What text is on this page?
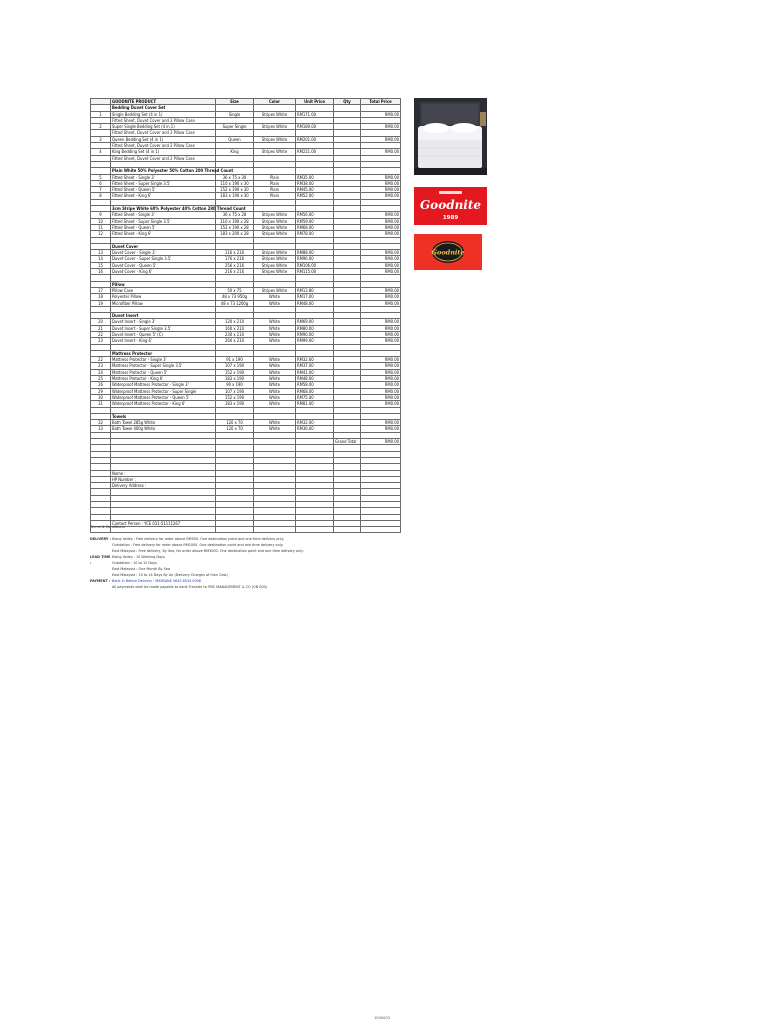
	GOODNITE PRODUCT	Size	Color	Unit Price	Qty	Total Price
	Bedding Duvet Cover Set					
1	Single Bedding Set (4 in 1)	Single	Stripes White	RM171.00		RM0.00
	Fitted Sheet, Duvet Cover and 2 Pillow Case					
2	Super Single Bedding Set (4 in 1)	Super Single	Stripes White	RM180.00		RM0.00
	Fitted Sheet, Duvet Cover and 2 Pillow Case					
3	Queen Bedding Set (4 in 1)	Queen	Stripes White	RM201.00		RM0.00
	Fitted Sheet, Duvet Cover and 2 Pillow Case					
4	King Bedding Set (4 in 1)	King	Stripes White	RM221.00		RM0.00
	Fitted Sheet, Duvet Cover and 2 Pillow Case					

	Plain White 50% Polyester 50% Cotton 200 Thread Count					
5	Fitted Sheet - Single 3'	36 x 75 x 30	Plain	RM35.00		RM0.00
6	Fitted Sheet - Super Single 3.5'	110 x 190 x 30	Plain	RM38.00		RM0.00
7	Fitted Sheet - Queen 5'	152 x 190 x 30	Plain	RM45.00		RM0.00
8	Fitted Sheet - King 6'	183 x 190 x 30	Plain	RM52.00		RM0.00

	3cm Stripe White 60% Polyester 40% Cotton 280 Thread Count					
9	Fitted Sheet - Single 3'	36 x 75 x 28	Stripes White	RM56.00		RM0.00
10	Fitted Sheet - Super Single 3.5'	110 x 190 x 28	Stripes White	RM59.00		RM0.00
11	Fitted Sheet - Queen 5'	152 x 190 x 28	Stripes White	RM68.00		RM0.00
12	Fitted Sheet - King 6'	183 x 200 x 28	Stripes White	RM78.00		RM0.00

	Duvet Cover					
13	Duvet Cover - Single 3'	116 x 216	Stripes White	RM88.00		RM0.00
14	Duvet Cover - Super Single 3.5'	176 x 216	Stripes White	RM96.00		RM0.00
15	Duvet Cover - Queen 5'	256 x 216	Stripes White	RM106.00		RM0.00
16	Duvet Cover - King 6'	216 x 216	Stripes White	RM115.00		RM0.00

	Pillow					
17	Pillow Case	50 x 75	Stripes White	RM13.80		RM0.00
18	Polyester Pillow	48 x 73 950g	White	RM17.00		RM0.00
19	Microfiber Pillow	48 x 73 1200g	White	RM48.00		RM0.00

	Duvet Insert					
20	Duvet Insert - Single 3'	120 x 210	White	RM69.00		RM0.00
21	Duvet Insert - Super Single 3.5'	160 x 210	White	RM80.00		RM0.00
22	Duvet Insert - Queen 5' (C)	230 x 210	White	RM90.00		RM0.00
23	Duvet Insert - King 6'	260 x 210	White	RM99.00		RM0.00

	Mattress Protector					
22	Mattress Protector - Single 3'	91 x 190	White	RM32.60		RM0.00
23	Mattress Protector - Super Single 3.5'	107 x 190	White	RM37.00		RM0.00
24	Mattress Protector - Queen 5'	152 x 190	White	RM41.00		RM0.00
25	Mattress Protector - King 6'	183 x 190	White	RM48.00		RM0.00
26	Waterproof Mattress Protector - Single 3'	90 x 190	White	RM58.00		RM0.00
29	Waterproof Mattress Protector - Super Single	107 x 190	White	RM68.00		RM0.00
30	Waterproof Mattress Protector - Queen 5'	152 x 190	White	RM75.00		RM0.00
31	Waterproof Mattress Protector - King 6'	183 x 190	White	RM81.00		RM0.00

	Towels					
32	Bath Towel 285g White	120 x 70	White	RM32.00		RM0.00
33	Bath Towel 400g White	120 x 70	White	RM36.00		RM0.00

					Grand Total	RM0.00

	Name :					
	HP Number :					
	Delivery Address :					

	Contact Person : YCE 011-51111267					

Terms & Conditions
DELIVERY : Klang Valley : Free delivery for order above RM500. One destination point and one time delivery only.
Outstation : Free delivery for order above RM1000. One destination point and one time delivery only.
East Malaysia : Free delivery, By Sea, for order above RM3000. One destination point and one time delivery only.
LEAD TIME :
Klang Valley : 10 Working Days
Outstation : 10 to 12 Days
East Malaysia : One Month By Sea
East Malaysia : 10 to 14 Days By Air (Delivery Charges of Own Cost)
PAYMENT : Bank In Before Delivery : MAYBANK 5645 8534 0098
All payments shall be made payable to bank Transfer to YMC MANAGEMENT & CO (ON 000)
Goodnite
1989
Goodnite
1000003
